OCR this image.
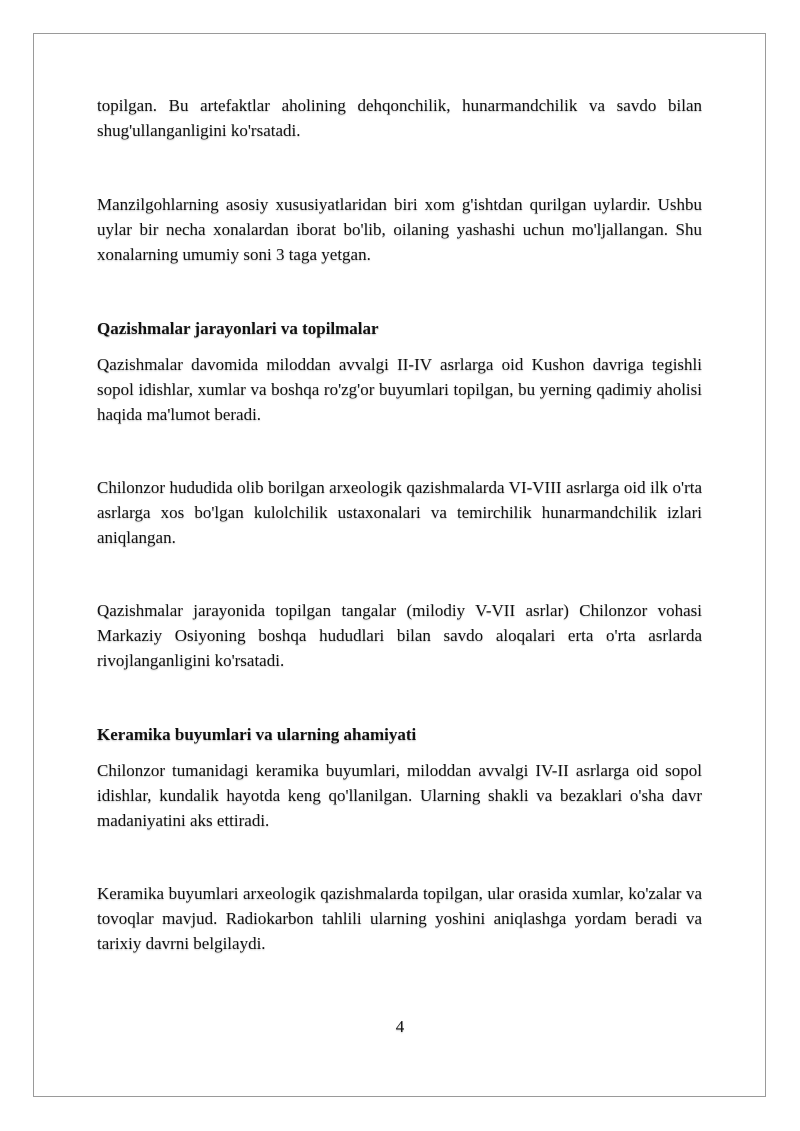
topilgan. Bu artefaktlar aholining dehqonchilik, hunarmandchilik va savdo bilan shug'ullanganligini ko'rsatadi.

Manzilgohlarning asosiy xususiyatlaridan biri xom g'ishtdan qurilgan uylardir. Ushbu uylar bir necha xonalardan iborat bo'lib, oilaning yashashi uchun mo'ljallangan. Shu xonalarning umumiy soni 3 taga yetgan.

Qazishmalar jarayonlari va topilmalar

Qazishmalar davomida miloddan avvalgi II-IV asrlarga oid Kushon davriga tegishli sopol idishlar, xumlar va boshqa ro'zg'or buyumlari topilgan, bu yerning qadimiy aholisi haqida ma'lumot beradi.

Chilonzor hududida olib borilgan arxeologik qazishmalarda VI-VIII asrlarga oid ilk o'rta asrlarga xos bo'lgan kulolchilik ustaxonalari va temirchilik hunarmandchilik izlari aniqlangan.

Qazishmalar jarayonida topilgan tangalar (milodiy V-VII asrlar) Chilonzor vohasi Markaziy Osiyoning boshqa hududlari bilan savdo aloqalari erta o'rta asrlarda rivojlanganligini ko'rsatadi.

Keramika buyumlari va ularning ahamiyati

Chilonzor tumanidagi keramika buyumlari, miloddan avvalgi IV-II asrlarga oid sopol idishlar, kundalik hayotda keng qo'llanilgan. Ularning shakli va bezaklari o'sha davr madaniyatini aks ettiradi.

Keramika buyumlari arxeologik qazishmalarda topilgan, ular orasida xumlar, ko'zalar va tovoqlar mavjud. Radiokarbon tahlili ularning yoshini aniqlashga yordam beradi va tarixiy davrni belgilaydi.

4
